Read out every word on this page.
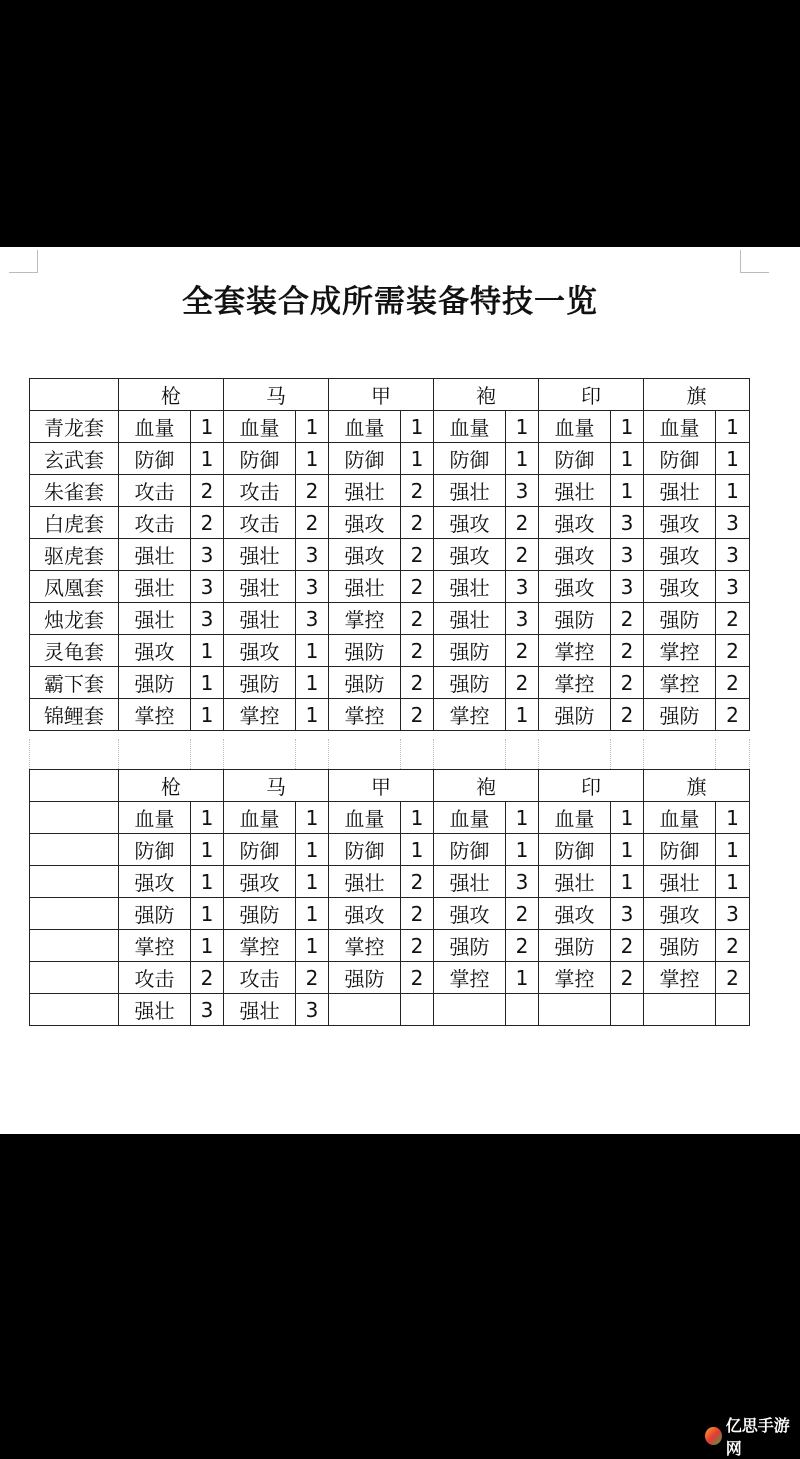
全套装合成所需装备特技一览
	枪		马		甲		袍		印		旗	
青龙套	血量	1	血量	1	血量	1	血量	1	血量	1	血量	1
玄武套	防御	1	防御	1	防御	1	防御	1	防御	1	防御	1
朱雀套	攻击	2	攻击	2	强壮	2	强壮	3	强壮	1	强壮	1
白虎套	攻击	2	攻击	2	强攻	2	强攻	2	强攻	3	强攻	3
驱虎套	强壮	3	强壮	3	强攻	2	强攻	2	强攻	3	强攻	3
凤凰套	强壮	3	强壮	3	强壮	2	强壮	3	强攻	3	强攻	3
烛龙套	强壮	3	强壮	3	掌控	2	强壮	3	强防	2	强防	2
灵龟套	强攻	1	强攻	1	强防	2	强防	2	掌控	2	掌控	2
霸下套	强防	1	强防	1	强防	2	强防	2	掌控	2	掌控	2
锦鲤套	掌控	1	掌控	1	掌控	2	掌控	1	强防	2	强防	2
	枪		马		甲		袍		印		旗	
	血量	1	血量	1	血量	1	血量	1	血量	1	血量	1
	防御	1	防御	1	防御	1	防御	1	防御	1	防御	1
	强攻	1	强攻	1	强壮	2	强壮	3	强壮	1	强壮	1
	强防	1	强防	1	强攻	2	强攻	2	强攻	3	强攻	3
	掌控	1	掌控	1	掌控	2	强防	2	强防	2	强防	2
	攻击	2	攻击	2	强防	2	掌控	1	掌控	2	掌控	2
	强壮	3	强壮	3								
亿思手游网
